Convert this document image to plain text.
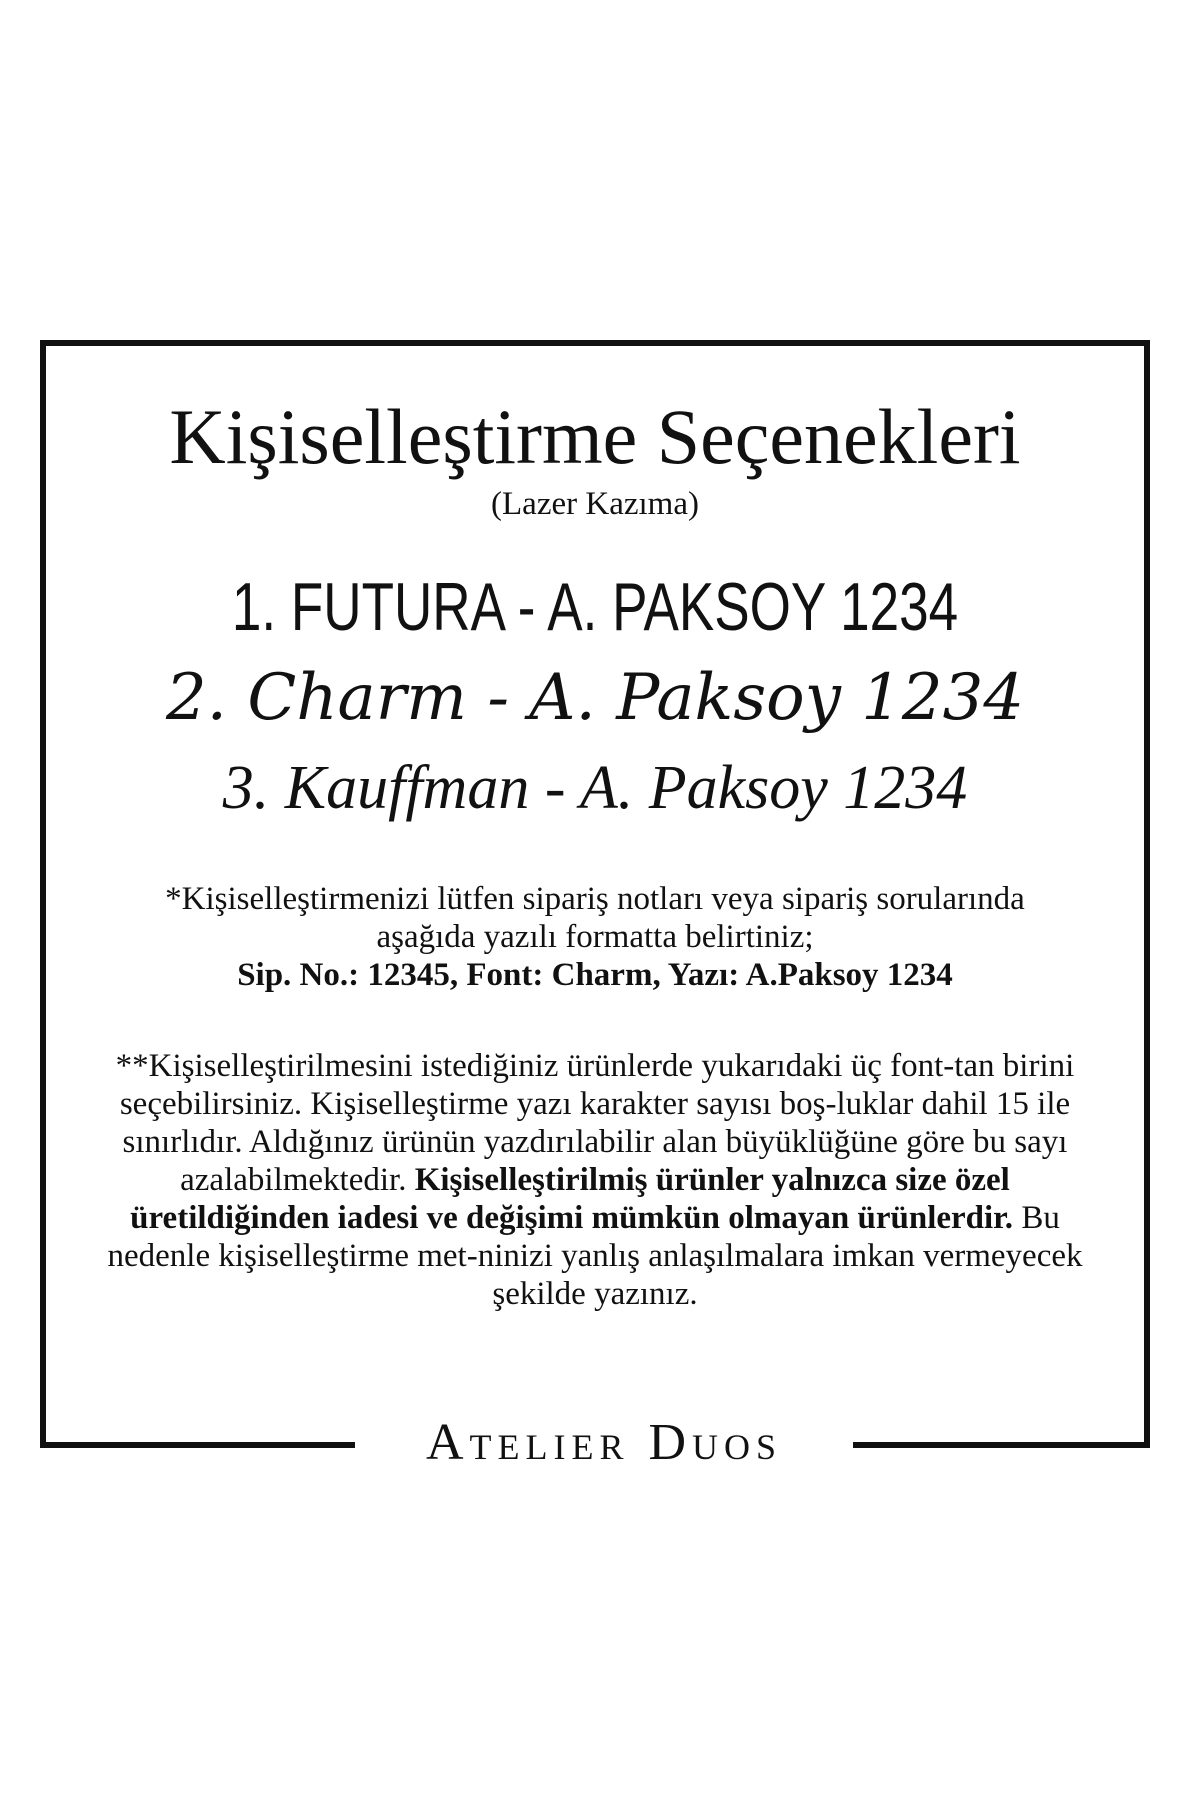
Kişiselleştirme Seçenekleri
(Lazer Kazıma)
1. FUTURA - A. PAKSOY 1234
2. Charm - A. Paksoy 1234
3. Kauffman - A. Paksoy 1234
*Kişiselleştirmenizi lütfen sipariş notları veya sipariş sorularında
aşağıda yazılı formatta belirtiniz;
Sip. No.: 12345, Font: Charm, Yazı: A.Paksoy 1234
**Kişiselleştirilmesini istediğiniz ürünlerde yukarıdaki üç font-tan birini seçebilirsiniz. Kişiselleştirme yazı karakter sayısı boş-luklar dahil 15 ile sınırlıdır. Aldığınız ürünün yazdırılabilir alan büyüklüğüne göre bu sayı azalabilmektedir. Kişiselleştirilmiş ürünler yalnızca size özel üretildiğinden iadesi ve değişimi mümkün olmayan ürünlerdir. Bu nedenle kişiselleştirme met-ninizi yanlış anlaşılmalara imkan vermeyecek şekilde yazınız.
Atelier Duos
